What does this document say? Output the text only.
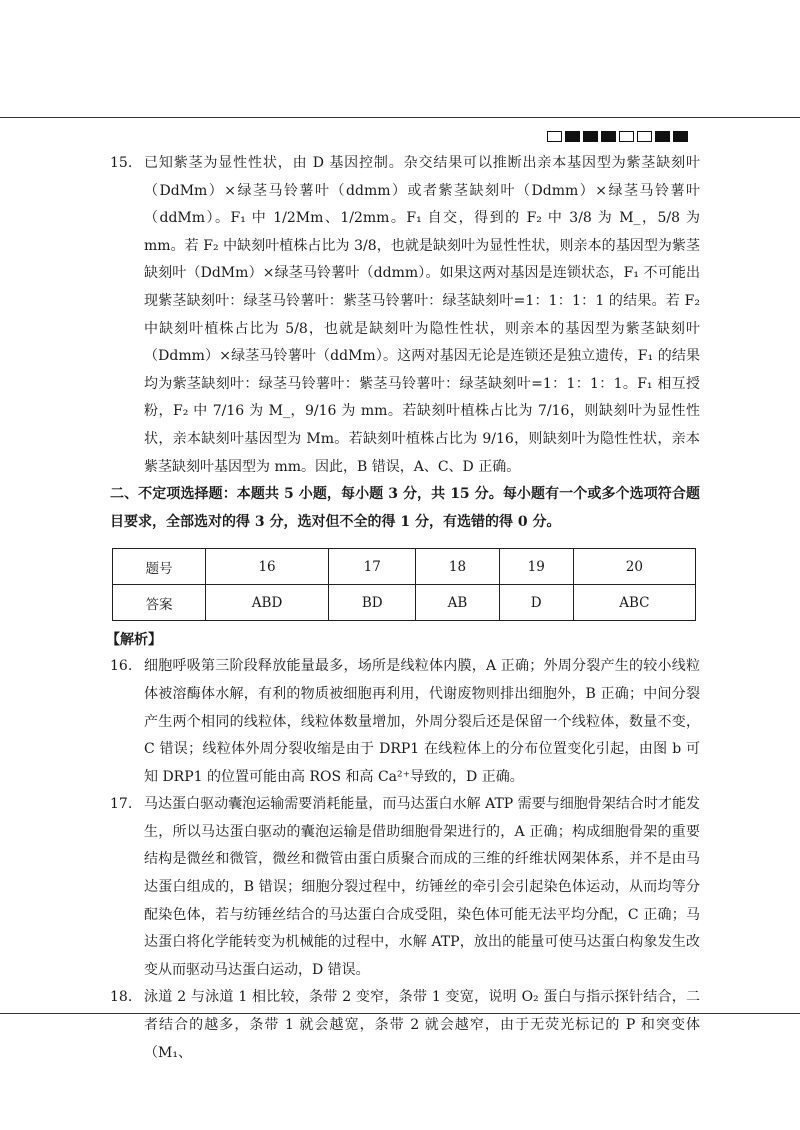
15. 已知紫茎为显性性状，由 D 基因控制。杂交结果可以推断出亲本基因型为紫茎缺刻叶（DdMm）×绿茎马铃薯叶（ddmm）或者紫茎缺刻叶（Ddmm）×绿茎马铃薯叶（ddMm）。F₁ 中 1/2Mm、1/2mm。F₁ 自交，得到的 F₂ 中 3/8 为 M_，5/8 为 mm。若 F₂ 中缺刻叶植株占比为 3/8，也就是缺刻叶为显性性状，则亲本的基因型为紫茎缺刻叶（DdMm）×绿茎马铃薯叶（ddmm）。如果这两对基因是连锁状态，F₁ 不可能出现紫茎缺刻叶：绿茎马铃薯叶：紫茎马铃薯叶：绿茎缺刻叶=1：1：1：1 的结果。若 F₂ 中缺刻叶植株占比为 5/8，也就是缺刻叶为隐性性状，则亲本的基因型为紫茎缺刻叶（Ddmm）×绿茎马铃薯叶（ddMm）。这两对基因无论是连锁还是独立遗传，F₁ 的结果均为紫茎缺刻叶：绿茎马铃薯叶：紫茎马铃薯叶：绿茎缺刻叶=1：1：1：1。F₁ 相互授粉，F₂ 中 7/16 为 M_，9/16 为 mm。若缺刻叶植株占比为 7/16，则缺刻叶为显性性状，亲本缺刻叶基因型为 Mm。若缺刻叶植株占比为 9/16，则缺刻叶为隐性性状，亲本紫茎缺刻叶基因型为 mm。因此，B 错误，A、C、D 正确。

二、不定项选择题：本题共 5 小题，每小题 3 分，共 15 分。每小题有一个或多个选项符合题目要求，全部选对的得 3 分，选对但不全的得 1 分，有选错的得 0 分。

题号	16	17	18	19	20
答案	ABD	BD	AB	D	ABC

【解析】

16. 细胞呼吸第三阶段释放能量最多，场所是线粒体内膜，A 正确；外周分裂产生的较小线粒体被溶酶体水解，有利的物质被细胞再利用，代谢废物则排出细胞外，B 正确；中间分裂产生两个相同的线粒体，线粒体数量增加，外周分裂后还是保留一个线粒体，数量不变，C 错误；线粒体外周分裂收缩是由于 DRP1 在线粒体上的分布位置变化引起，由图 b 可知 DRP1 的位置可能由高 ROS 和高 Ca²⁺导致的，D 正确。

17. 马达蛋白驱动囊泡运输需要消耗能量，而马达蛋白水解 ATP 需要与细胞骨架结合时才能发生，所以马达蛋白驱动的囊泡运输是借助细胞骨架进行的，A 正确；构成细胞骨架的重要结构是微丝和微管，微丝和微管由蛋白质聚合而成的三维的纤维状网架体系，并不是由马达蛋白组成的，B 错误；细胞分裂过程中，纺锤丝的牵引会引起染色体运动，从而均等分配染色体，若与纺锤丝结合的马达蛋白合成受阻，染色体可能无法平均分配，C 正确；马达蛋白将化学能转变为机械能的过程中，水解 ATP，放出的能量可使马达蛋白构象发生改变从而驱动马达蛋白运动，D 错误。

18. 泳道 2 与泳道 1 相比较，条带 2 变窄，条带 1 变宽，说明 O₂ 蛋白与指示探针结合，二者结合的越多，条带 1 就会越宽，条带 2 就会越窄，由于无荧光标记的 P 和突变体（M₁、
